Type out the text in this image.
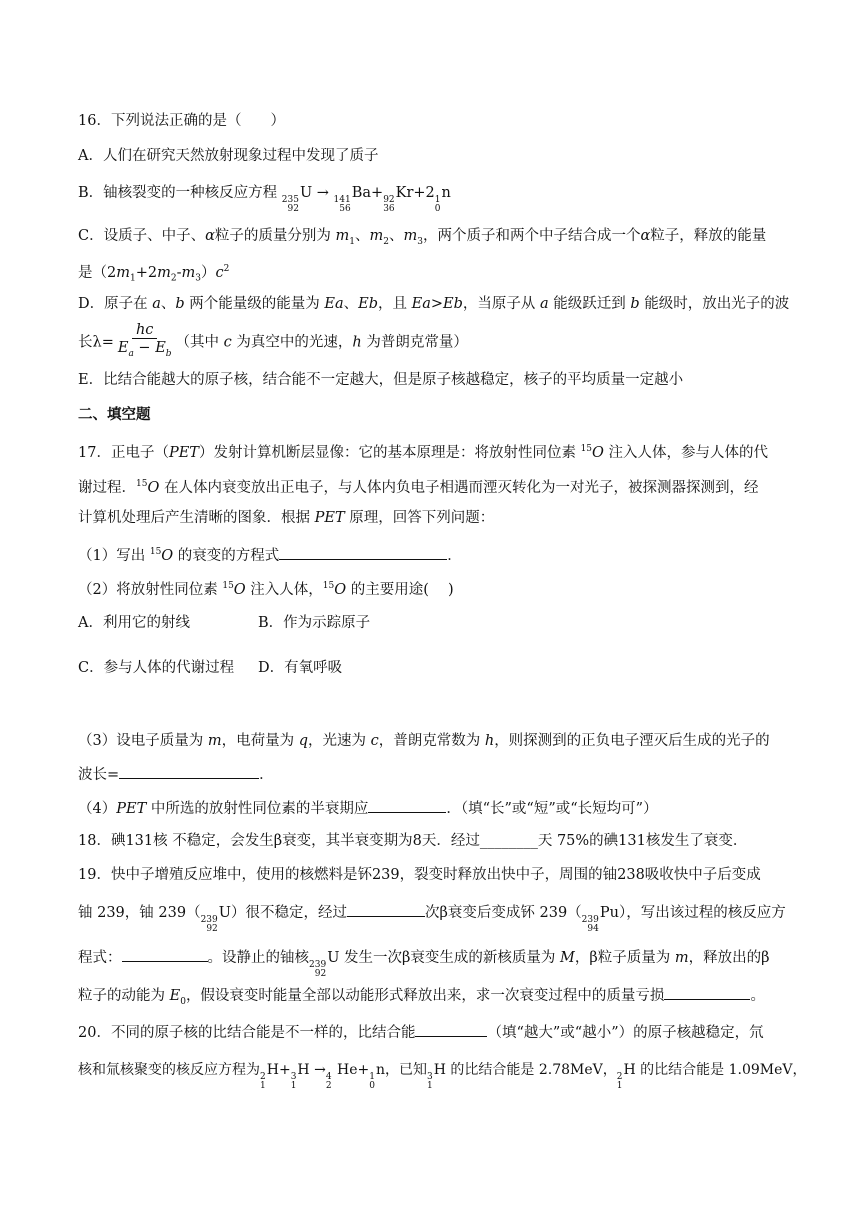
16．下列说法正确的是（　　）
A．人们在研究天然放射现象过程中发现了质子
B．铀核裂变的一种核反应方程 235
92
U → 141
56
Ba+ 92
36
Kr+2 1
0
n
C．设质子、中子、α粒子的质量分别为 $m_1$、$m_2$、$m_3$，两个质子和两个中子结合成一个α粒子，释放的能量
是$(2m_1+2m_2-m_3)c^2$
D．原子在 a、b 两个能量级的能量为 Ea、Eb，且 Ea>Eb，当原子从 a 能级跃迁到 b 能级时，放出光子的波
长$\lambda= \frac{hc}{E_a - E_b}$ （其中 c 为真空中的光速，h 为普朗克常量）
E．比结合能越大的原子核，结合能不一定越大，但是原子核越稳定，核子的平均质量一定越小
二、填空题
17．正电子（PET）发射计算机断层显像：它的基本原理是：将放射性同位素 $^{15}$O 注入人体，参与人体的代
谢过程．$^{15}$O 在人体内衰变放出正电子，与人体内负电子相遇而湮灭转化为一对光子，被探测器探测到，经
计算机处理后产生清晰的图象．根据 PET 原理，回答下列问题：
（1）写出 $^{15}$O 的衰变的方程式	．
（2）将放射性同位素 $^{15}$O 注入人体，$^{15}$O 的主要用途(　 )
A．利用它的射线	B．作为示踪原子
C．参与人体的代谢过程 D．有氧呼吸
（3）设电子质量为 m，电荷量为 q，光速为 c，普朗克常数为 h，则探测到的正负电子湮灭后生成的光子的
波长=	．
（4）PET 中所选的放射性同位素的半衰期应	．（填“长”或“短”或“长短均可”）
18．碘131核 不稳定，会发生β衰变，其半衰变期为8天．经过________天 75%的碘131核发生了衰变．
19．快中子增殖反应堆中，使用的核燃料是钚239，裂变时释放出快中子，周围的铀238吸收快中子后变成
铀 239，铀 239（ 239
92
U）很不稳定，经过	次β衰变后变成钚 239（ 239
94
Pu），写出该过程的核反应方
程式：	。设静止的铀核 239
92
U 发生一次β衰变生成的新核质量为 M，β粒子质量为 m，释放出的β
粒子的动能为 $E_0$，假设衰变时能量全部以动能形式释放出来，求一次衰变过程中的质量亏损	。
20．不同的原子核的比结合能是不一样的，比结合能	（填“越大”或“越小”）的原子核越稳定，氘
核和氚核聚变的核反应方程为 2
1
H+ 3
1
H → 4
2
He+ 1
0
n，已知 3
1
H 的比结合能是 2.78MeV， 2
1
H 的比结合能是 1.09MeV，
